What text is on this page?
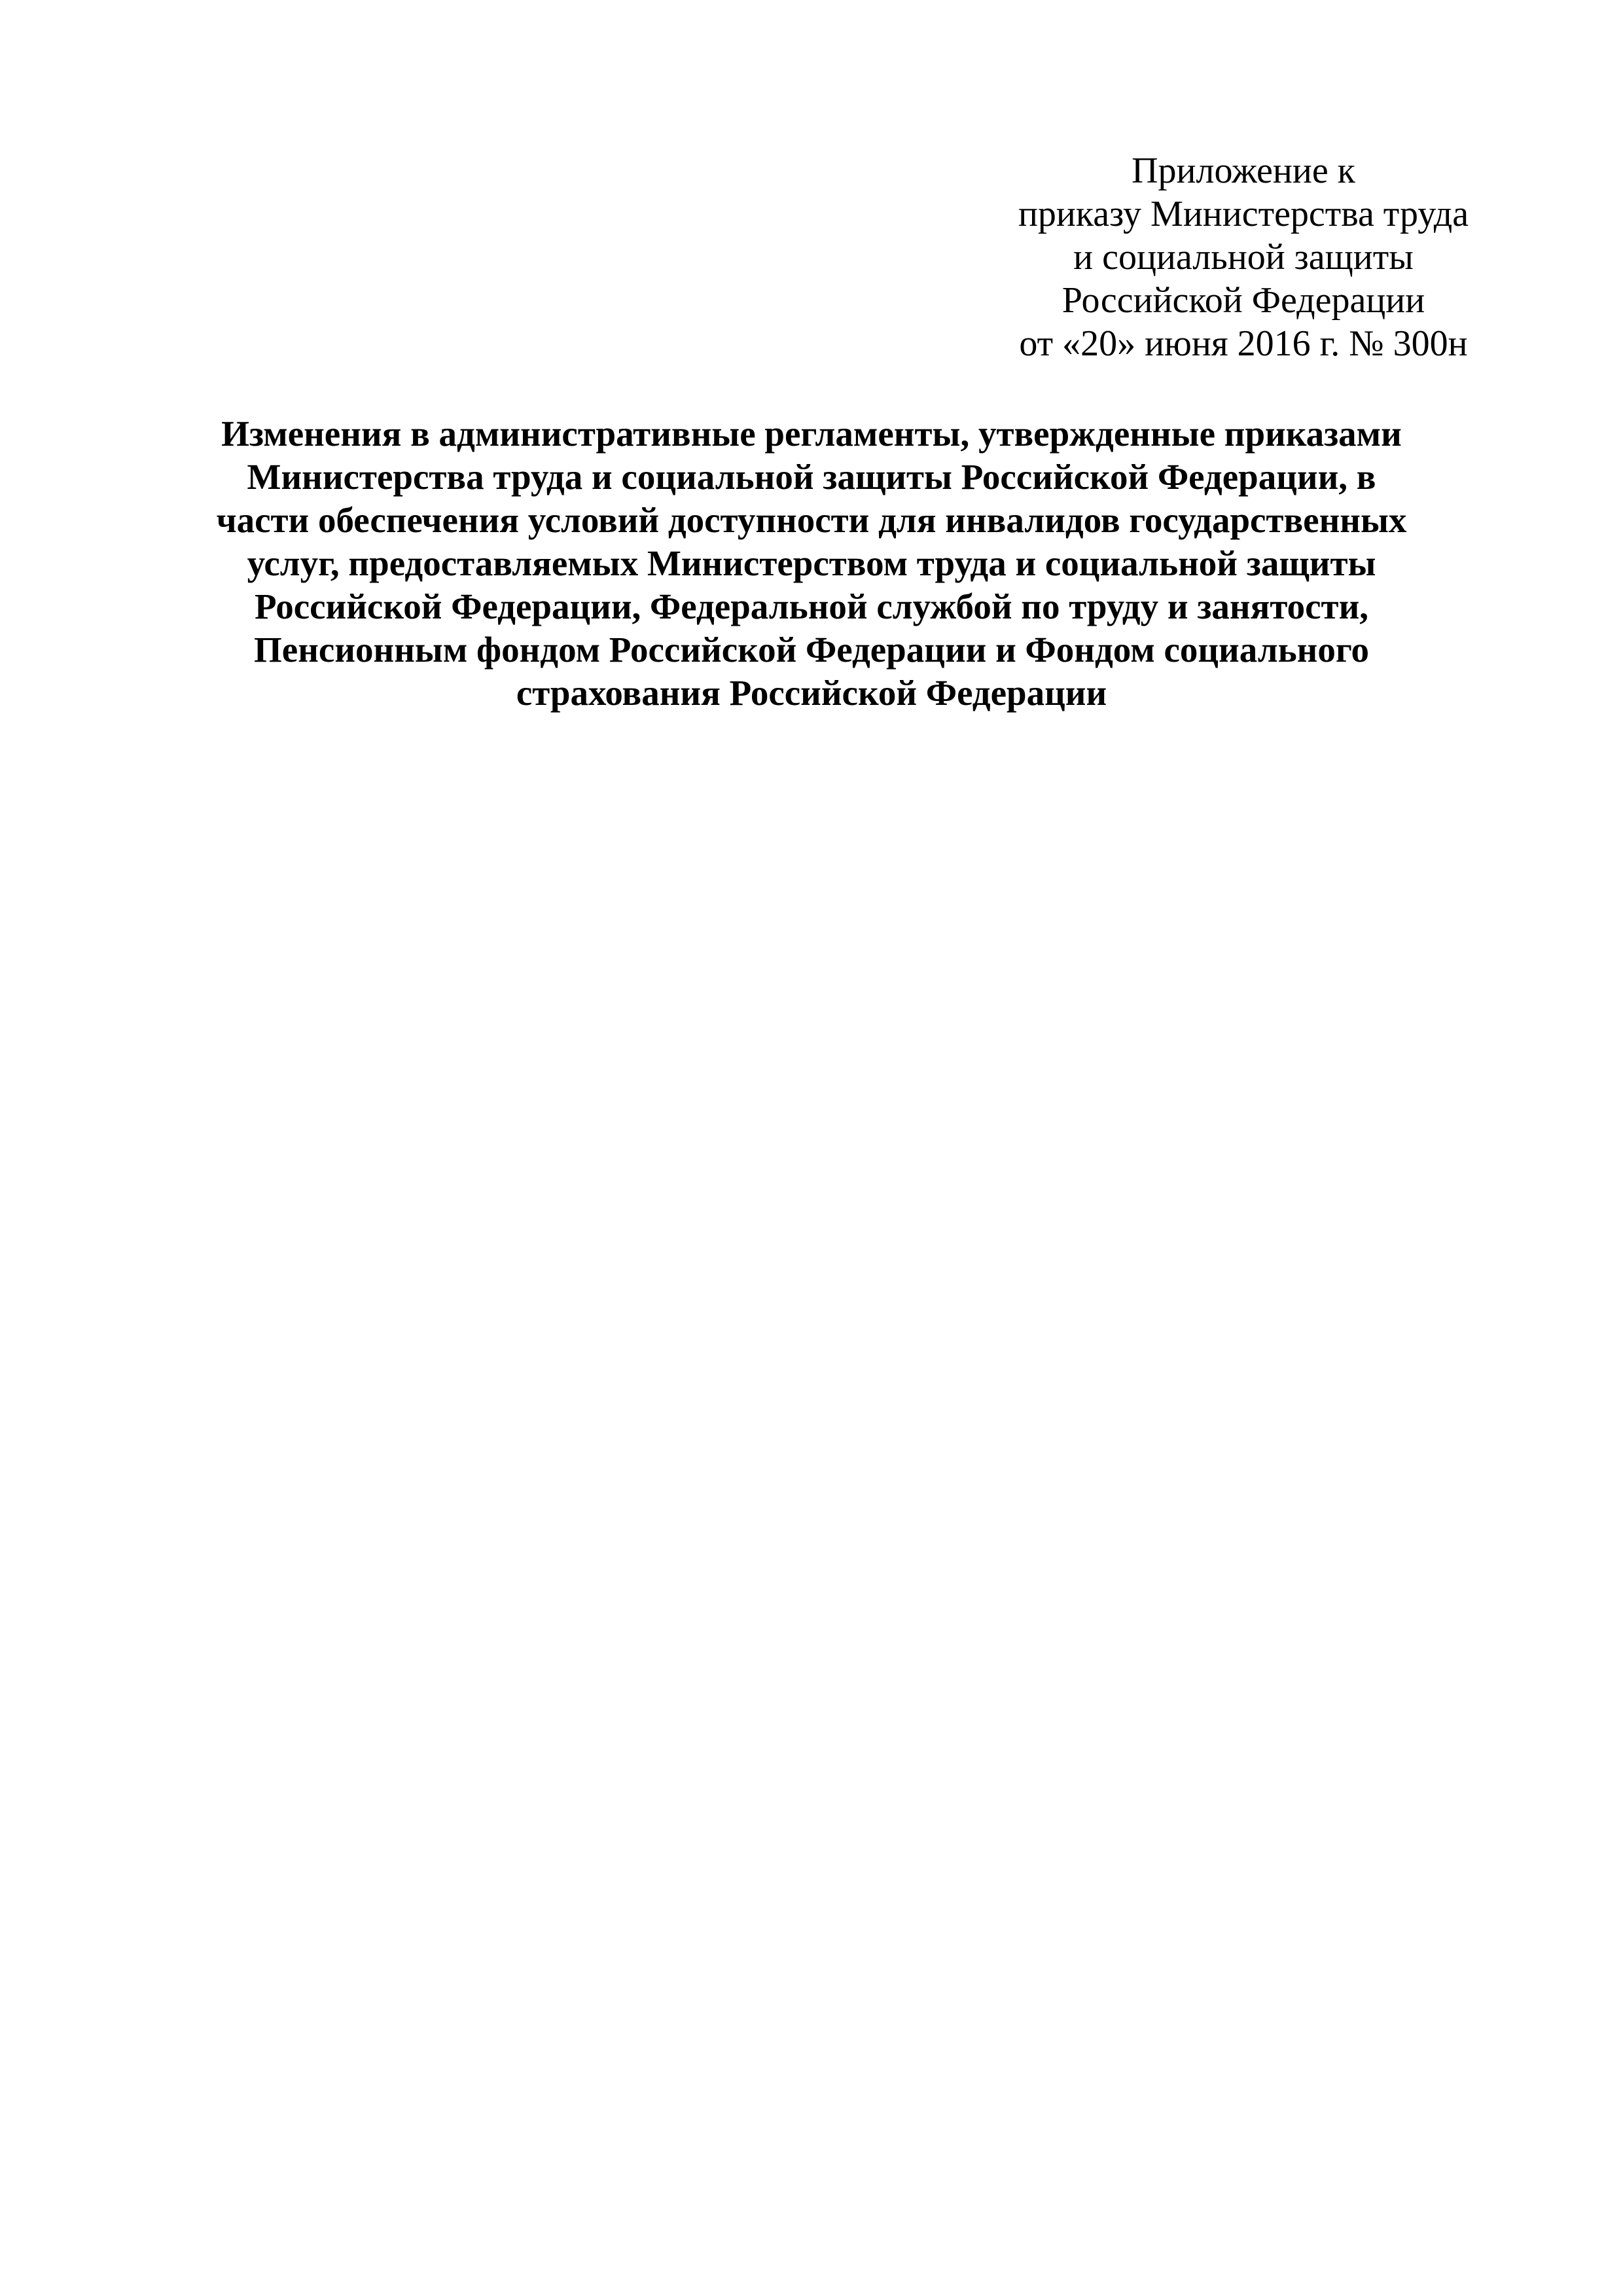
Приложение к
приказу Министерства труда
и социальной защиты
Российской Федерации
от «20» июня 2016 г. № 300н
Изменения в административные регламенты, утвержденные приказами
Министерства труда и социальной защиты Российской Федерации, в
части обеспечения условий доступности для инвалидов государственных
услуг, предоставляемых Министерством труда и социальной защиты
Российской Федерации, Федеральной службой по труду и занятости,
Пенсионным фондом Российской Федерации и Фондом социального
страхования Российской Федерации
